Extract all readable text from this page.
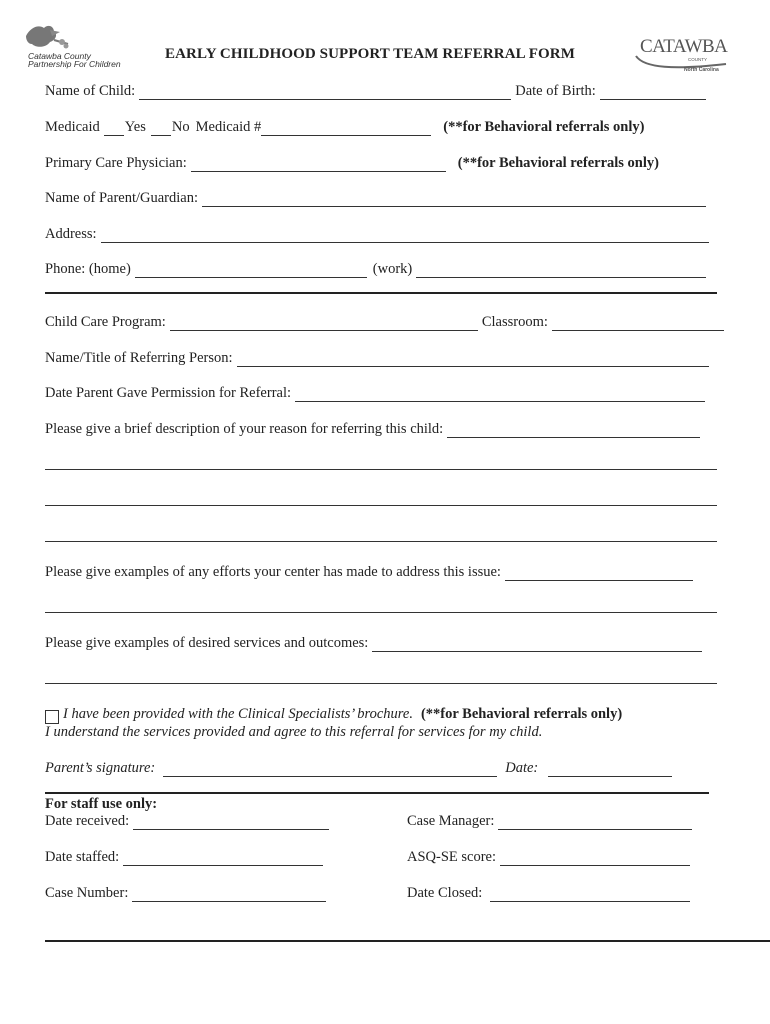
Catawba County
Partnership For Children
EARLY CHILDHOOD SUPPORT TEAM REFERRAL FORM	CATAWBA
COUNTY
North Carolina
Name of Child:	Date of Birth:
Medicaid Yes No Medicaid #	(**for Behavioral referrals only)
Primary Care Physician:	(**for Behavioral referrals only)
Name of Parent/Guardian:
Address:
Phone: (home)	(work)
Child Care Program:	Classroom:
Name/Title of Referring Person:
Date Parent Gave Permission for Referral:
Please give a brief description of your reason for referring this child:
Please give examples of any efforts your center has made to address this issue:
Please give examples of desired services and outcomes:
I have been provided with the Clinical Specialists’ brochure. (**for Behavioral referrals only)
I understand the services provided and agree to this referral for services for my child.
Parent’s signature:	Date:
For staff use only:
Date received:	Case Manager:
Date staffed:	ASQ-SE score:
Case Number:	Date Closed:
